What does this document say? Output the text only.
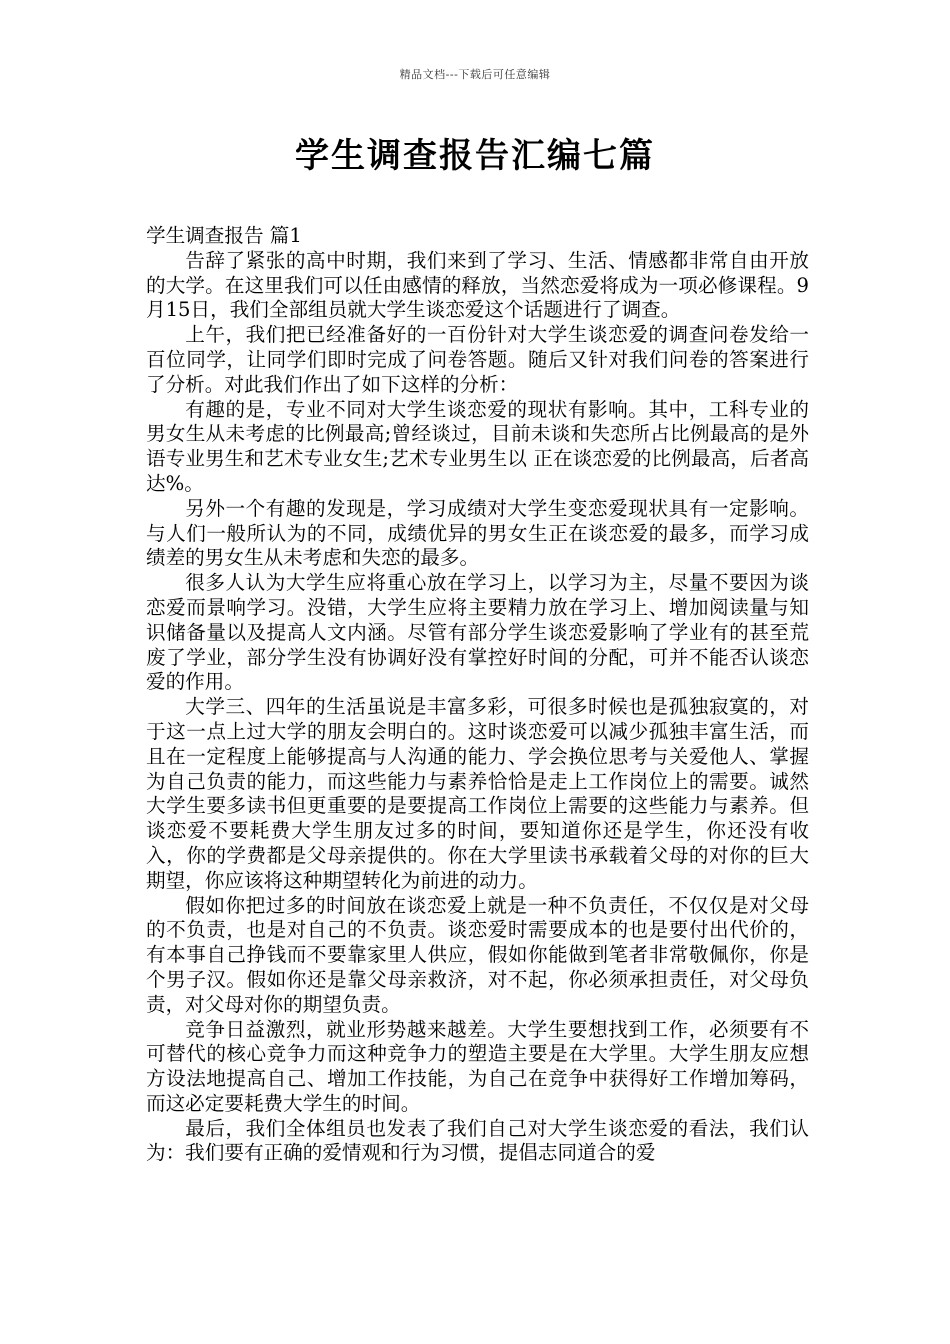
精品文档---下载后可任意编辑
学生调查报告汇编七篇

学生调查报告 篇1

告辞了紧张的高中时期，我们来到了学习、生活、情感都非常自由开放的大学。在这里我们可以任由感情的释放，当然恋爱将成为一项必修课程。9月15日，我们全部组员就大学生谈恋爱这个话题进行了调查。

上午，我们把已经准备好的一百份针对大学生谈恋爱的调查问卷发给一百位同学，让同学们即时完成了问卷答题。随后又针对我们问卷的答案进行了分析。对此我们作出了如下这样的分析：

有趣的是，专业不同对大学生谈恋爱的现状有影响。其中，工科专业的男女生从未考虑的比例最高;曾经谈过，目前未谈和失恋所占比例最高的是外语专业男生和艺术专业女生;艺术专业男生以 正在谈恋爱的比例最高，后者高达%。

另外一个有趣的发现是，学习成绩对大学生变恋爱现状具有一定影响。与人们一般所认为的不同，成绩优异的男女生正在谈恋爱的最多，而学习成绩差的男女生从未考虑和失恋的最多。

很多人认为大学生应将重心放在学习上，以学习为主，尽量不要因为谈恋爱而景响学习。没错，大学生应将主要精力放在学习上、增加阅读量与知识储备量以及提高人文内涵。尽管有部分学生谈恋爱影响了学业有的甚至荒废了学业，部分学生没有协调好没有掌控好时间的分配，可并不能否认谈恋爱的作用。

大学三、四年的生活虽说是丰富多彩，可很多时候也是孤独寂寞的，对于这一点上过大学的朋友会明白的。这时谈恋爱可以减少孤独丰富生活，而且在一定程度上能够提高与人沟通的能力、学会换位思考与关爱他人、掌握为自己负责的能力，而这些能力与素养恰恰是走上工作岗位上的需要。诚然大学生要多读书但更重要的是要提高工作岗位上需要的这些能力与素养。但谈恋爱不要耗费大学生朋友过多的时间，要知道你还是学生，你还没有收入，你的学费都是父母亲提供的。你在大学里读书承载着父母的对你的巨大期望，你应该将这种期望转化为前进的动力。

假如你把过多的时间放在谈恋爱上就是一种不负责任，不仅仅是对父母的不负责，也是对自己的不负责。谈恋爱时需要成本的也是要付出代价的，有本事自己挣钱而不要靠家里人供应，假如你能做到笔者非常敬佩你，你是个男子汉。假如你还是靠父母亲救济，对不起，你必须承担责任，对父母负责，对父母对你的期望负责。

竞争日益激烈，就业形势越来越差。大学生要想找到工作，必须要有不可替代的核心竞争力而这种竞争力的塑造主要是在大学里。大学生朋友应想方设法地提高自己、增加工作技能，为自己在竞争中获得好工作增加筹码，而这必定要耗费大学生的时间。

最后，我们全体组员也发表了我们自己对大学生谈恋爱的看法，我们认为：我们要有正确的爱情观和行为习惯，提倡志同道合的爱
